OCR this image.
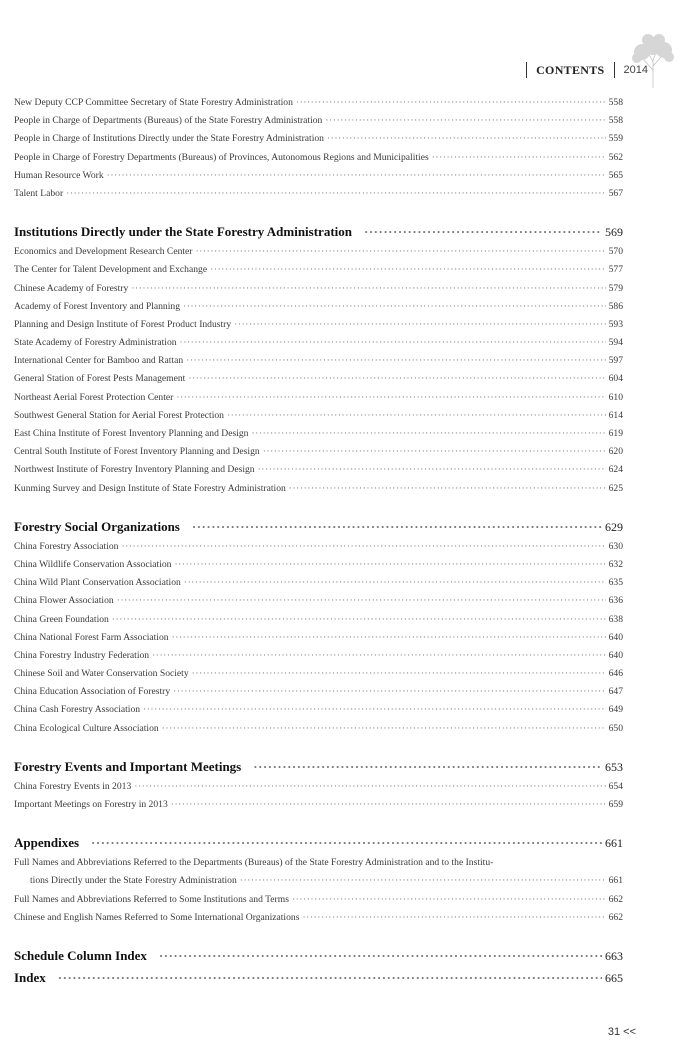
CONTENTS 2014
New Deputy CCP Committee Secretary of State Forestry Administration ·····	558
People in Charge of Departments (Bureaus) of the State Forestry Administration ·····	558
People in Charge of Institutions Directly under the State Forestry Administration ·····	559
People in Charge of Forestry Departments (Bureaus) of Provinces, Autonomous Regions and Municipalities ·····	562
Human Resource Work ·····	565
Talent Labor ·····	567
Institutions Directly under the State Forestry Administration ·····	569
Economics and Development Research Center ·····	570
The Center for Talent Development and Exchange ·····	577
Chinese Academy of Forestry ·····	579
Academy of Forest Inventory and Planning ·····	586
Planning and Design Institute of Forest Product Industry ·····	593
State Academy of Forestry Administration ·····	594
International Center for Bamboo and Rattan ·····	597
General Station of Forest Pests Management ·····	604
Northeast Aerial Forest Protection Center ·····	610
Southwest General Station for Aerial Forest Protection ·····	614
East China Institute of Forest Inventory Planning and Design ·····	619
Central South Institute of Forest Inventory Planning and Design ·····	620
Northwest Institute of Forestry Inventory Planning and Design ·····	624
Kunming Survey and Design Institute of State Forestry Administration ·····	625
Forestry Social Organizations ·····	629
China Forestry Association ·····	630
China Wildlife Conservation Association ·····	632
China Wild Plant Conservation Association ·····	635
China Flower Association ·····	636
China Green Foundation ·····	638
China National Forest Farm Association ·····	640
China Forestry Industry Federation ·····	640
Chinese Soil and Water Conservation Society ·····	646
China Education Association of Forestry ·····	647
China Cash Forestry Association ·····	649
China Ecological Culture Association ·····	650
Forestry Events and Important Meetings ·····	653
China Forestry Events in 2013 ·····	654
Important Meetings on Forestry in 2013 ·····	659
Appendixes ·····	661
Full Names and Abbreviations Referred to the Departments (Bureaus) of the State Forestry Administration and to the Institu-
tions Directly under the State Forestry Administration ·····	661
Full Names and Abbreviations Referred to Some Institutions and Terms ·····	662
Chinese and English Names Referred to Some International Organizations ·····	662
Schedule Column Index ·····	663
Index ·····	665
31 <<
